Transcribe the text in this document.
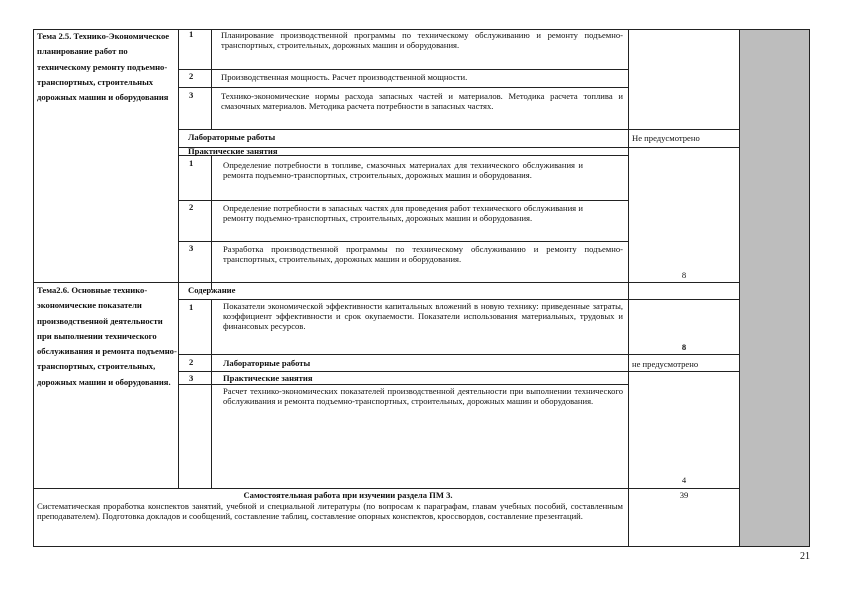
Тема 2.5. Технико-Экономическое планирование работ по техническому ремонту подъемно-транспортных, строительных дорожных машин и оборудования
1	Планирование производственной программы по техническому обслуживанию и ремонту подъемно- транспортных, строительных, дорожных машин и оборудования.
2	Производственная мощность. Расчет производственной мощности.
3	Технико-экономические нормы расхода запасных частей и материалов. Методика расчета топлива и смазочных материалов. Методика расчета потребности в запасных частях.
Лабораторные работы	Не предусмотрено
Практические занятия
1	Определение потребности в топливе, смазочных материалах для технического обслуживания и ремонта подъемно-транспортных, строительных, дорожных машин и оборудования.
2	Определение потребности в запасных частях для проведения работ технического обслуживания и ремонту подъемно-транспортных, строительных, дорожных машин и оборудования.
3	Разработка производственной программы по техническому обслуживанию и ремонту подъемно-транспортных, строительных, дорожных машин и оборудования.
8
Тема2.6. Основные технико-экономические показатели производственной деятельности при выполнении технического обслуживания и ремонта подъемно-транспортных, строительных, дорожных машин и оборудования.
Содержание
1	Показатели экономической эффективности капитальных вложений в новую технику: приведенные затраты, коэффициент эффективности и срок окупаемости. Показатели использования материальных, трудовых и финансовых ресурсов.
8
2	Лабораторные работы	не предусмотрено
3	Практические занятия
Расчет технико-экономических показателей производственной деятельности при выполнении технического обслуживания и ремонта подъемно-транспортных, строительных, дорожных машин и оборудования.
4
Самостоятельная работа при изучении раздела ПМ 3.	39
Систематическая проработка конспектов занятий, учебной и специальной литературы (по вопросам к параграфам, главам учебных пособий, составленным преподавателем). Подготовка докладов и сообщений, составление таблиц, составление опорных конспектов, кроссвордов, составление презентаций.
21
